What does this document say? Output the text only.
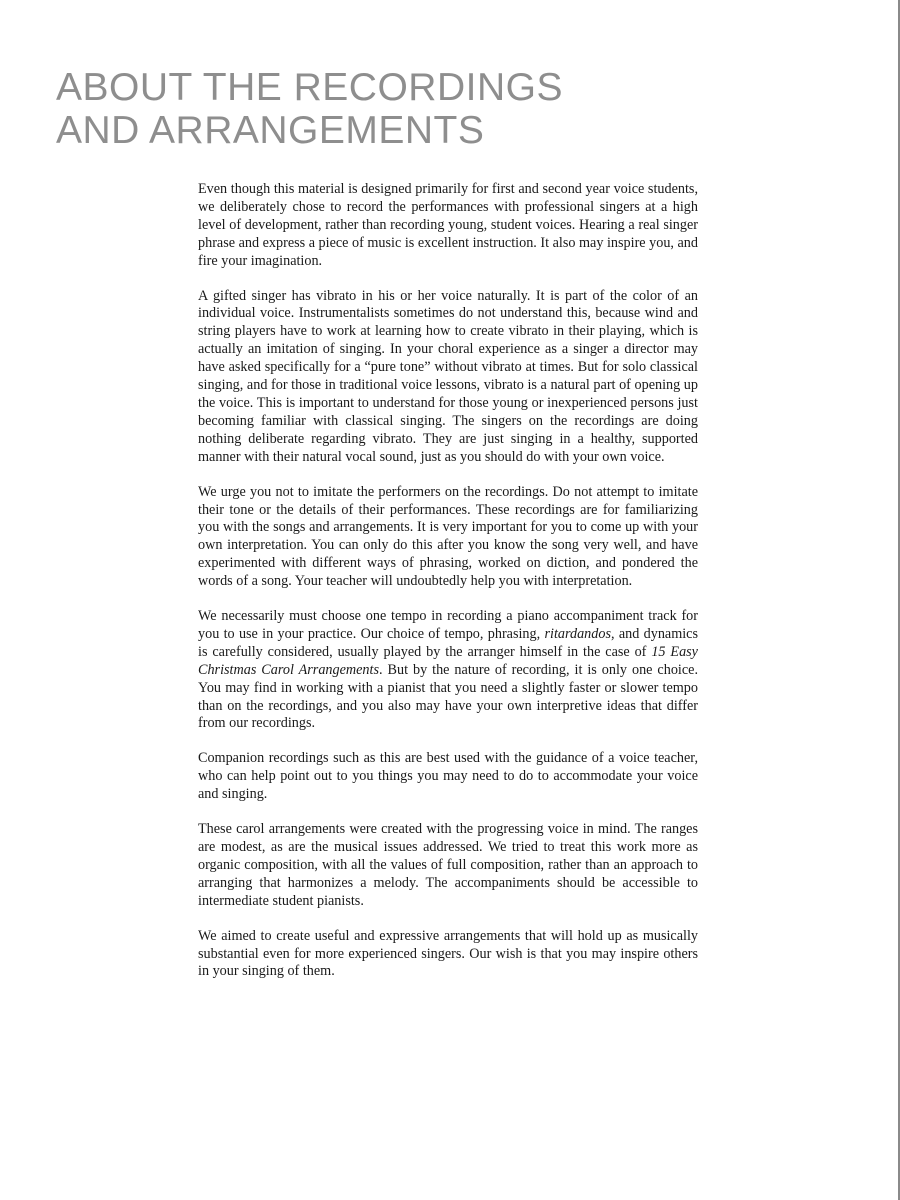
ABOUT THE RECORDINGS
AND ARRANGEMENTS

Even though this material is designed primarily for first and second year voice students, we deliberately chose to record the performances with professional singers at a high level of development, rather than recording young, student voices. Hearing a real singer phrase and express a piece of music is excellent instruction. It also may inspire you, and fire your imagination.

A gifted singer has vibrato in his or her voice naturally. It is part of the color of an individual voice. Instrumentalists sometimes do not understand this, because wind and string players have to work at learning how to create vibrato in their playing, which is actually an imitation of singing. In your choral experience as a singer a director may have asked specifically for a “pure tone” without vibrato at times. But for solo classical singing, and for those in traditional voice lessons, vibrato is a natural part of opening up the voice. This is important to understand for those young or inexperienced persons just becoming familiar with classical singing. The singers on the recordings are doing nothing deliberate regarding vibrato. They are just singing in a healthy, supported manner with their natural vocal sound, just as you should do with your own voice.

We urge you not to imitate the performers on the recordings. Do not attempt to imitate their tone or the details of their performances. These recordings are for familiarizing you with the songs and arrangements. It is very important for you to come up with your own interpretation. You can only do this after you know the song very well, and have experimented with different ways of phrasing, worked on diction, and pondered the words of a song. Your teacher will undoubtedly help you with interpretation.

We necessarily must choose one tempo in recording a piano accompaniment track for you to use in your practice. Our choice of tempo, phrasing, ritardandos, and dynamics is carefully considered, usually played by the arranger himself in the case of 15 Easy Christmas Carol Arrangements. But by the nature of recording, it is only one choice. You may find in working with a pianist that you need a slightly faster or slower tempo than on the recordings, and you also may have your own interpretive ideas that differ from our recordings.

Companion recordings such as this are best used with the guidance of a voice teacher, who can help point out to you things you may need to do to accommodate your voice and singing.

These carol arrangements were created with the progressing voice in mind. The ranges are modest, as are the musical issues addressed. We tried to treat this work more as organic composition, with all the values of full composition, rather than an approach to arranging that harmonizes a melody. The accompaniments should be accessible to intermediate student pianists.

We aimed to create useful and expressive arrangements that will hold up as musically substantial even for more experienced singers. Our wish is that you may inspire others in your singing of them.
